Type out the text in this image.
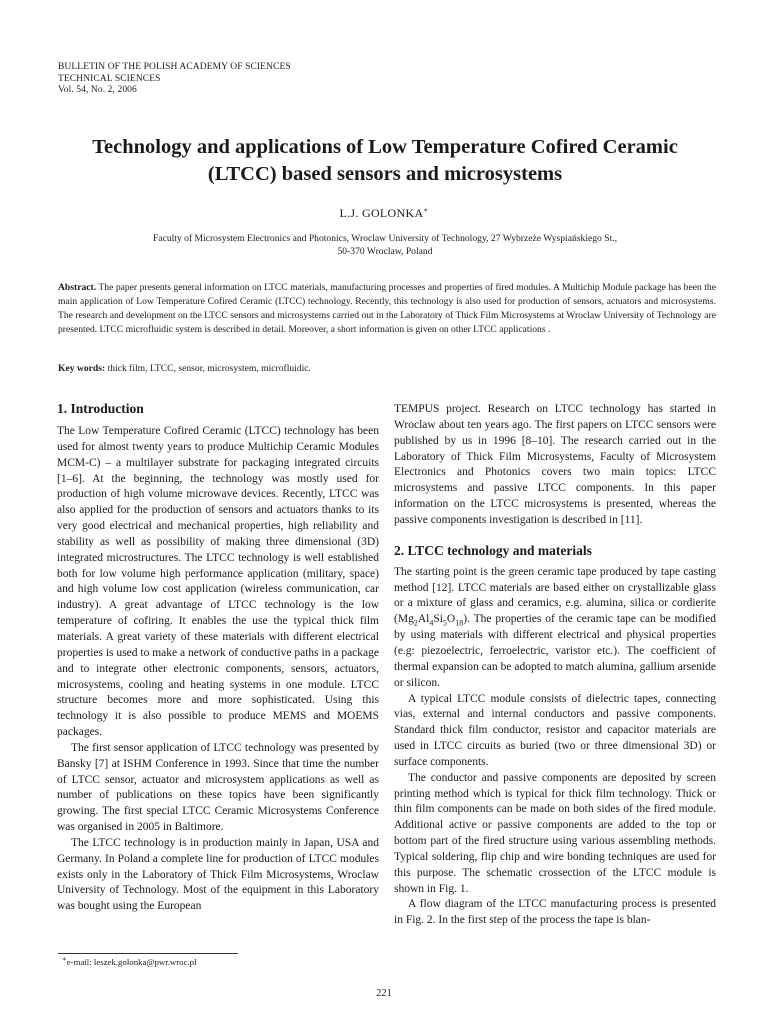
BULLETIN OF THE POLISH ACADEMY OF SCIENCES
TECHNICAL SCIENCES
Vol. 54, No. 2, 2006
Technology and applications of Low Temperature Cofired Ceramic
(LTCC) based sensors and microsystems
L.J. GOLONKA∗
Faculty of Microsystem Electronics and Photonics, Wroclaw University of Technology, 27 Wybrzeże Wyspiańskiego St.,
50-370 Wroclaw, Poland

Abstract. The paper presents general information on LTCC materials, manufacturing processes and properties of fired modules. A Multichip Module package has been the main application of Low Temperature Cofired Ceramic (LTCC) technology. Recently, this technology is also used for production of sensors, actuators and microsystems. The research and development on the LTCC sensors and microsystems carried out in the Laboratory of Thick Film Microsystems at Wroclaw University of Technology are presented. LTCC microfluidic system is described in detail. Moreover, a short information is given on other LTCC applications .

Key words: thick film, LTCC, sensor, microsystem, microfluidic.

1. Introduction

The Low Temperature Cofired Ceramic (LTCC) technology has been used for almost twenty years to produce Multichip Ceramic Modules MCM-C) – a multilayer substrate for packaging integrated circuits [1–6]. At the beginning, the technology was mostly used for production of high volume microwave devices. Recently, LTCC was also applied for the production of sensors and actuators thanks to its very good electrical and mechanical properties, high reliability and stability as well as possibility of making three dimensional (3D) integrated microstructures. The LTCC technology is well established both for low volume high performance application (military, space) and high volume low cost application (wireless communication, car industry). A great advantage of LTCC technology is the low temperature of cofiring. It enables the use the typical thick film materials. A great variety of these materials with different electrical properties is used to make a network of conductive paths in a package and to integrate other electronic components, sensors, actuators, microsystems, cooling and heating systems in one module. LTCC structure becomes more and more sophisticated. Using this technology it is also possible to produce MEMS and MOEMS packages.

The first sensor application of LTCC technology was presented by Bansky [7] at ISHM Conference in 1993. Since that time the number of LTCC sensor, actuator and microsystem applications as well as number of publications on these topics have been significantly growing. The first special LTCC Ceramic Microsystems Conference was organised in 2005 in Baltimore.

The LTCC technology is in production mainly in Japan, USA and Germany. In Poland a complete line for production of LTCC modules exists only in the Laboratory of Thick Film Microsystems, Wroclaw University of Technology. Most of the equipment in this Laboratory was bought using the European

TEMPUS project. Research on LTCC technology has started in Wroclaw about ten years ago. The first papers on LTCC sensors were published by us in 1996 [8–10]. The research carried out in the Laboratory of Thick Film Microsystems, Faculty of Microsystem Electronics and Photonics covers two main topics: LTCC microsystems and passive LTCC components. In this paper information on the LTCC microsystems is presented, whereas the passive components investigation is described in [11].

2. LTCC technology and materials

The starting point is the green ceramic tape produced by tape casting method [12]. LTCC materials are based either on crystallizable glass or a mixture of glass and ceramics, e.g. alumina, silica or cordierite $(Mg_2Al_4Si_5O_{18})$. The properties of the ceramic tape can be modified by using materials with different electrical and physical properties (e.g: piezoelectric, ferroelectric, varistor etc.). The coefficient of thermal expansion can be adopted to match alumina, gallium arsenide or silicon.

A typical LTCC module consists of dielectric tapes, connecting vias, external and internal conductors and passive components. Standard thick film conductor, resistor and capacitor materials are used in LTCC circuits as buried (two or three dimensional 3D) or surface components.

The conductor and passive components are deposited by screen printing method which is typical for thick film technology. Thick or thin film components can be made on both sides of the fired module. Additional active or passive components are added to the top or bottom part of the fired structure using various assembling methods. Typical soldering, flip chip and wire bonding techniques are used for this purpose. The schematic crossection of the LTCC module is shown in Fig. 1.

A flow diagram of the LTCC manufacturing process is presented in Fig. 2. In the first step of the process the tape is blan-

∗e-mail: leszek.golonka@pwr.wroc.pl
221
